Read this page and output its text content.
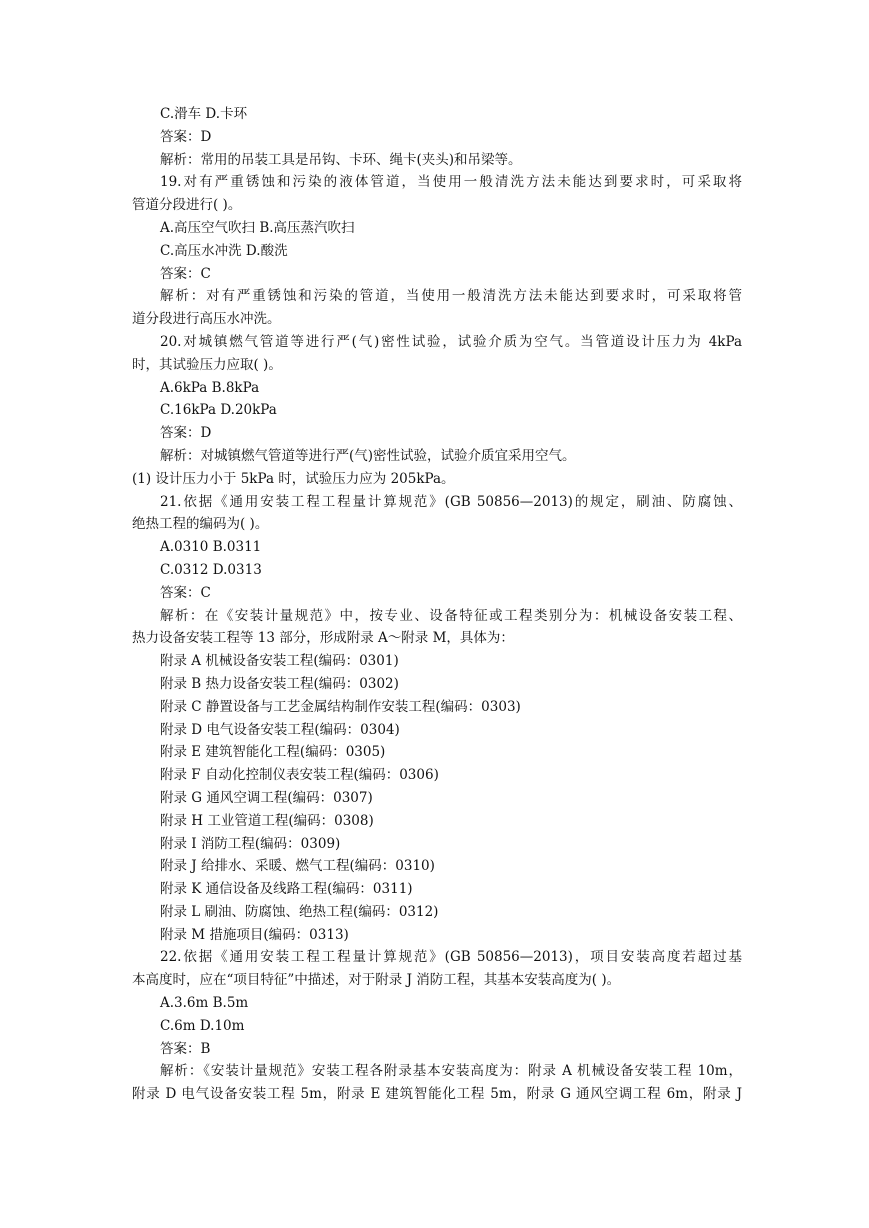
C.滑车 D.卡环
答案：D
解析：常用的吊装工具是吊钩、卡环、绳卡(夹头)和吊梁等。
19.对有严重锈蚀和污染的液体管道，当使用一般清洗方法未能达到要求时，可采取将
管道分段进行( )。
A.高压空气吹扫 B.高压蒸汽吹扫
C.高压水冲洗 D.酸洗
答案：C
解析：对有严重锈蚀和污染的管道，当使用一般清洗方法未能达到要求时，可采取将管
道分段进行高压水冲洗。
20.对城镇燃气管道等进行严(气)密性试验，试验介质为空气。当管道设计压力为 4kPa
时，其试验压力应取( )。
A.6kPa B.8kPa
C.16kPa D.20kPa
答案：D
解析：对城镇燃气管道等进行严(气)密性试验，试验介质宜采用空气。
(1) 设计压力小于 5kPa 时，试验压力应为 205kPa。
21.依据《通用安装工程工程量计算规范》(GB 50856—2013)的规定，刷油、防腐蚀、
绝热工程的编码为( )。
A.0310 B.0311
C.0312 D.0313
答案：C
解析：在《安装计量规范》中，按专业、设备特征或工程类别分为：机械设备安装工程、
热力设备安装工程等 13 部分，形成附录 A～附录 M，具体为：
附录 A 机械设备安装工程(编码：0301)
附录 B 热力设备安装工程(编码：0302)
附录 C 静置设备与工艺金属结构制作安装工程(编码：0303)
附录 D 电气设备安装工程(编码：0304)
附录 E 建筑智能化工程(编码：0305)
附录 F 自动化控制仪表安装工程(编码：0306)
附录 G 通风空调工程(编码：0307)
附录 H 工业管道工程(编码：0308)
附录 I 消防工程(编码：0309)
附录 J 给排水、采暖、燃气工程(编码：0310)
附录 K 通信设备及线路工程(编码：0311)
附录 L 刷油、防腐蚀、绝热工程(编码：0312)
附录 M 措施项目(编码：0313)
22.依据《通用安装工程工程量计算规范》(GB 50856—2013)，项目安装高度若超过基
本高度时，应在“项目特征”中描述，对于附录 J 消防工程，其基本安装高度为( )。
A.3.6m B.5m
C.6m D.10m
答案：B
解析：《安装计量规范》安装工程各附录基本安装高度为：附录 A 机械设备安装工程 10m，
附录 D 电气设备安装工程 5m，附录 E 建筑智能化工程 5m，附录 G 通风空调工程 6m，附录 J
